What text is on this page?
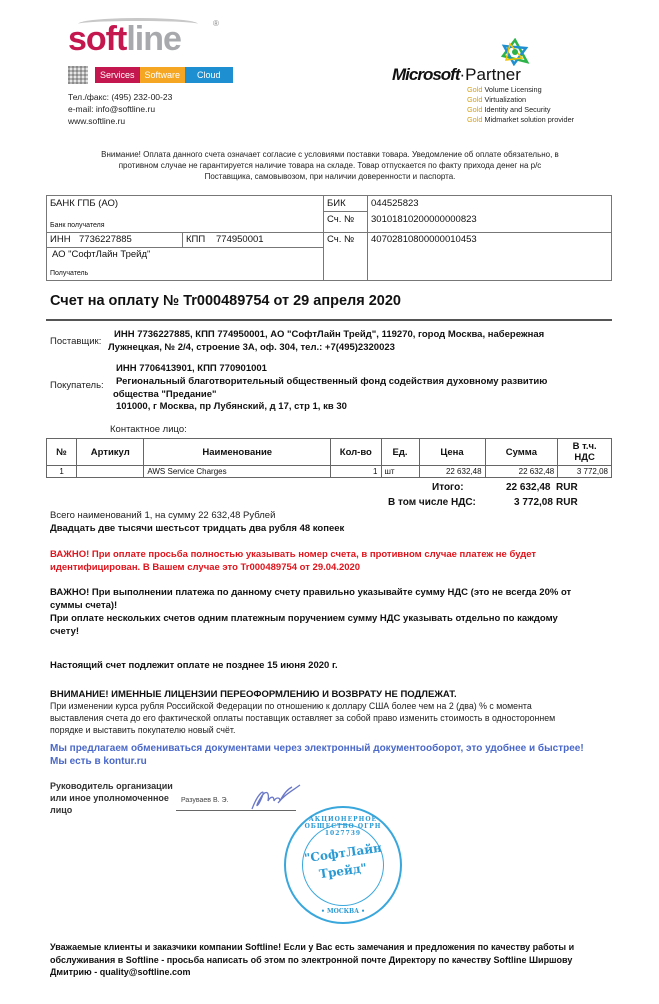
softline	®
Services	Software	Cloud
Тел./факс: (495) 232-00-23
e-mail: info@softline.ru
www.softline.ru
Microsoft·Partner
Gold Volume Licensing
Gold Virtualization
Gold Identity and Security
Gold Midmarket solution provider
Внимание! Оплата данного счета означает согласие с условиями поставки товара. Уведомление об оплате обязательно, в противном случае не гарантируется наличие товара на складе. Товар отпускается по факту прихода денег на р/с Поставщика, самовывозом, при наличии доверенности и паспорта.
БАНК ГПБ (АО)
Банк получателя
БИК	044525823
Сч. № 30101810200000000823
ИНН 7736227885	КПП 774950001	Сч. № 40702810800000010453
АО "СофтЛайн Трейд"
Получатель
Счет на оплату № Tr000489754 от 29 апреля 2020
Поставщик:
ИНН 7736227885, КПП 774950001, АО "СофтЛайн Трейд", 119270, город Москва, набережная
Лужнецкая, № 2/4, строение 3А, оф. 304, тел.: +7(495)2320023
ИНН 7706413901, КПП 770901001
Покупатель: Региональный благотворительный общественный фонд содействия духовному развитию
общества "Предание"
101000, г Москва, пр Лубянский, д 17, стр 1, кв 30
Контактное лицо:
№	Артикул	Наименование	Кол-во	Ед.	Цена	Сумма	В т.ч. НДС
1		AWS Service Charges	1	шт	22 632,48	22 632,48	3 772,08
Итого:	22 632,48 RUR
В том числе НДС:	3 772,08 RUR
Всего наименований 1, на сумму 22 632,48 Рублей
Двадцать две тысячи шестьсот тридцать два рубля 48 копеек
ВАЖНО! При оплате просьба полностью указывать номер счета, в противном случае платеж не будет
идентифицирован. В Вашем случае это Tr000489754 от 29.04.2020
ВАЖНО! При выполнении платежа по данному счету правильно указывайте сумму НДС (это не всегда 20% от
суммы счета)!
При оплате нескольких счетов одним платежным поручением сумму НДС указывать отдельно по каждому
счету!
Настоящий счет подлежит оплате не позднее 15 июня 2020 г.
ВНИМАНИЕ! ИМЕННЫЕ ЛИЦЕНЗИИ ПЕРЕОФОРМЛЕНИЮ И ВОЗВРАТУ НЕ ПОДЛЕЖАТ.
При изменении курса рубля Российской Федерации по отношению к доллару США более чем на 2 (два) % с момента
выставления счета до его фактической оплаты поставщик оставляет за собой право изменить стоимость в одностороннем
порядке и выставить покупателю новый счёт.
Мы предлагаем обмениваться документами через электронный документооборот, это удобнее и быстрее!
Мы есть в kontur.ru
Руководитель организации
или иное уполномоченное
лицо
Разуваев В. Э.
АКЦИОНЕРНОЕ ОБЩЕСТВО ОГРН 1027739
"СофтЛайн
Трейд"
• МОСКВА •
Уважаемые клиенты и заказчики компании Softline! Если у Вас есть замечания и предложения по качеству работы и
обслуживания в Softline - просьба написать об этом по электронной почте Директору по качеству Softline Ширшову
Дмитрию - quality@softline.com
